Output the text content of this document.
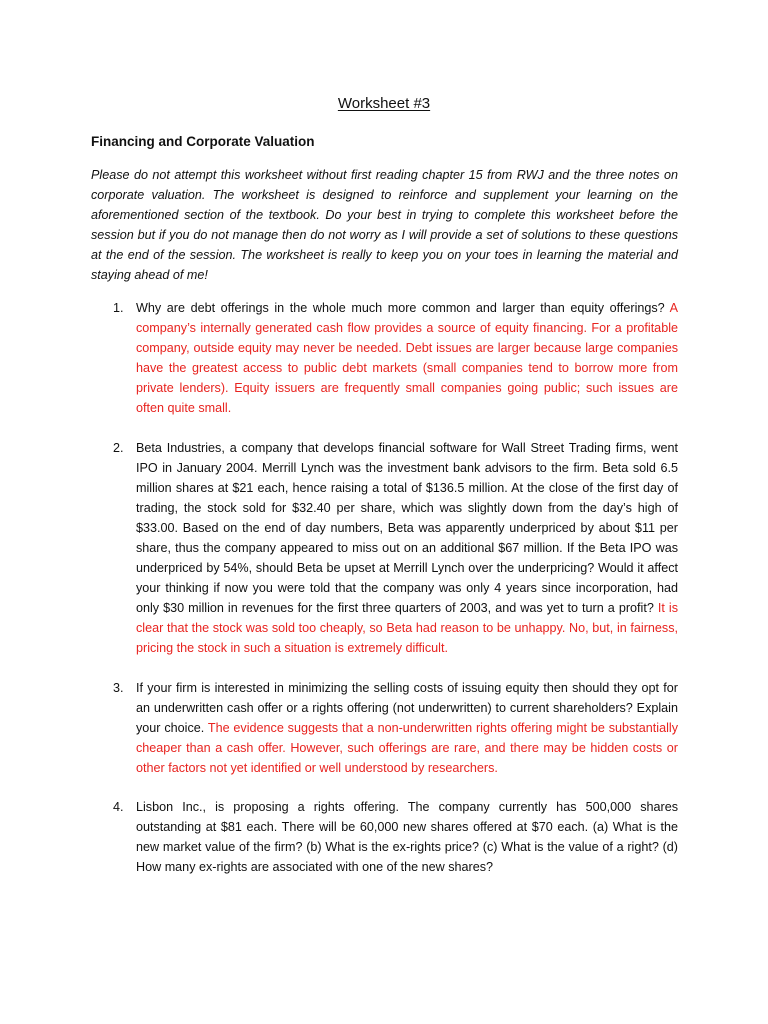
Worksheet #3
Financing and Corporate Valuation

Please do not attempt this worksheet without first reading chapter 15 from RWJ and the three notes on corporate valuation. The worksheet is designed to reinforce and supplement your learning on the aforementioned section of the textbook. Do your best in trying to complete this worksheet before the session but if you do not manage then do not worry as I will provide a set of solutions to these questions at the end of the session. The worksheet is really to keep you on your toes in learning the material and staying ahead of me!

1. Why are debt offerings in the whole much more common and larger than equity offerings? A company’s internally generated cash flow provides a source of equity financing. For a profitable company, outside equity may never be needed. Debt issues are larger because large companies have the greatest access to public debt markets (small companies tend to borrow more from private lenders). Equity issuers are frequently small companies going public; such issues are often quite small.
2. Beta Industries, a company that develops financial software for Wall Street Trading firms, went IPO in January 2004. Merrill Lynch was the investment bank advisors to the firm. Beta sold 6.5 million shares at $21 each, hence raising a total of $136.5 million. At the close of the first day of trading, the stock sold for $32.40 per share, which was slightly down from the day’s high of $33.00. Based on the end of day numbers, Beta was apparently underpriced by about $11 per share, thus the company appeared to miss out on an additional $67 million. If the Beta IPO was underpriced by 54%, should Beta be upset at Merrill Lynch over the underpricing? Would it affect your thinking if now you were told that the company was only 4 years since incorporation, had only $30 million in revenues for the first three quarters of 2003, and was yet to turn a profit? It is clear that the stock was sold too cheaply, so Beta had reason to be unhappy. No, but, in fairness, pricing the stock in such a situation is extremely difficult.
3. If your firm is interested in minimizing the selling costs of issuing equity then should they opt for an underwritten cash offer or a rights offering (not underwritten) to current shareholders? Explain your choice. The evidence suggests that a non-underwritten rights offering might be substantially cheaper than a cash offer. However, such offerings are rare, and there may be hidden costs or other factors not yet identified or well understood by researchers.
4. Lisbon Inc., is proposing a rights offering. The company currently has 500,000 shares outstanding at $81 each. There will be 60,000 new shares offered at $70 each. (a) What is the new market value of the firm? (b) What is the ex-rights price? (c) What is the value of a right? (d) How many ex-rights are associated with one of the new shares?
